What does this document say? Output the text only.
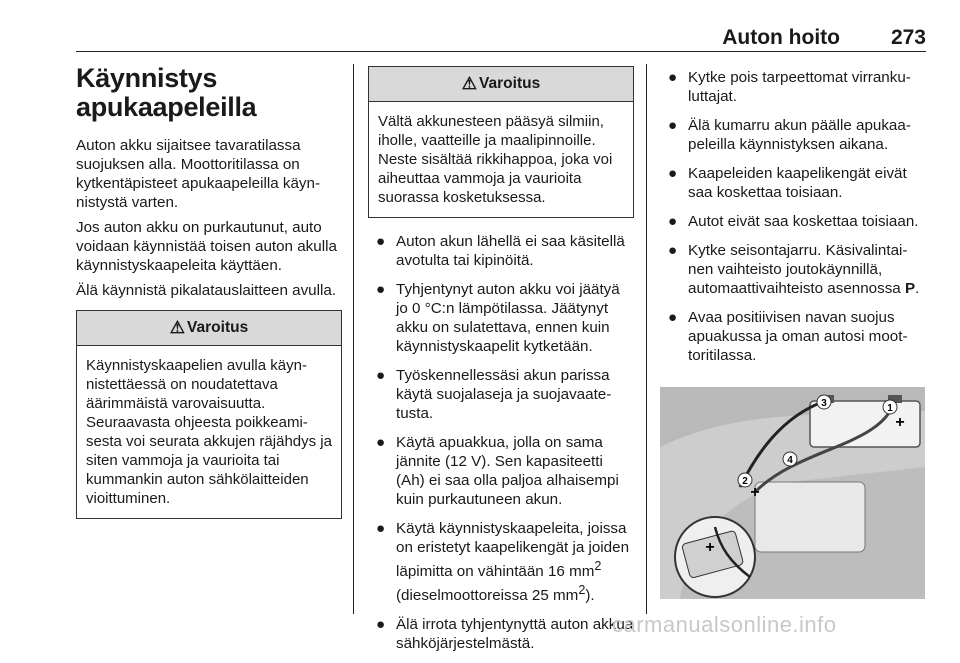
Auton hoito 273
Käynnistys
apukaapeleilla

Auton akku sijaitsee tavaratilassa suojuksen alla. Moottoritilassa on kytkentäpisteet apukaapeleilla käynnistystä varten.

Jos auton akku on purkautunut, auto voidaan käynnistää toisen auton akulla käynnistyskaapeleita käyttäen.

Älä käynnistä pikalatauslaitteen avulla.

⚠ Varoitus
Käynnistyskaapelien avulla käynnistettäessä on noudatettava äärimmäistä varovaisuutta. Seuraavasta ohjeesta poikkeamisesta voi seurata akkujen räjähdys ja siten vammoja ja vaurioita tai kummankin auton sähkölaitteiden vioittuminen.
⚠ Varoitus
Vältä akkunesteen pääsyä silmiin, iholle, vaatteille ja maalipinnoille. Neste sisältää rikkihappoa, joka voi aiheuttaa vammoja ja vaurioita suorassa kosketuksessa.
● Auton akun lähellä ei saa käsitellä avotulta tai kipinöitä.
● Tyhjentynyt auton akku voi jäätyä jo 0 °C:n lämpötilassa. Jäätynyt akku on sulatettava, ennen kuin käynnistyskaapelit kytketään.
● Työskennellessäsi akun parissa käytä suojalaseja ja suojavaatetusta.
● Käytä apuakkua, jolla on sama jännite (12 V). Sen kapasiteetti (Ah) ei saa olla paljoa alhaisempi kuin purkautuneen akun.
● Käytä käynnistyskaapeleita, joissa on eristetyt kaapelikengät ja joiden läpimitta on vähintään 16 $mm^2$ (dieselmoottoreissa 25 $mm^2$).
● Älä irrota tyhjentynyttä auton akkua sähköjärjestelmästä.
● Kytke pois tarpeettomat virrankuluttajat.
● Älä kumarru akun päälle apukaapeleilla käynnistyksen aikana.
● Kaapeleiden kaapelikengät eivät saa koskettaa toisiaan.
● Autot eivät saa koskettaa toisiaan.
● Kytke seisontajarru. Käsivalintainen vaihteisto joutokäynnillä, automaattivaihteisto asennossa P.
● Avaa positiivisen navan suojus apuakussa ja oman autosi moottoritilassa.
3	1
2
4
+
+
+
carmanualsonline.info
